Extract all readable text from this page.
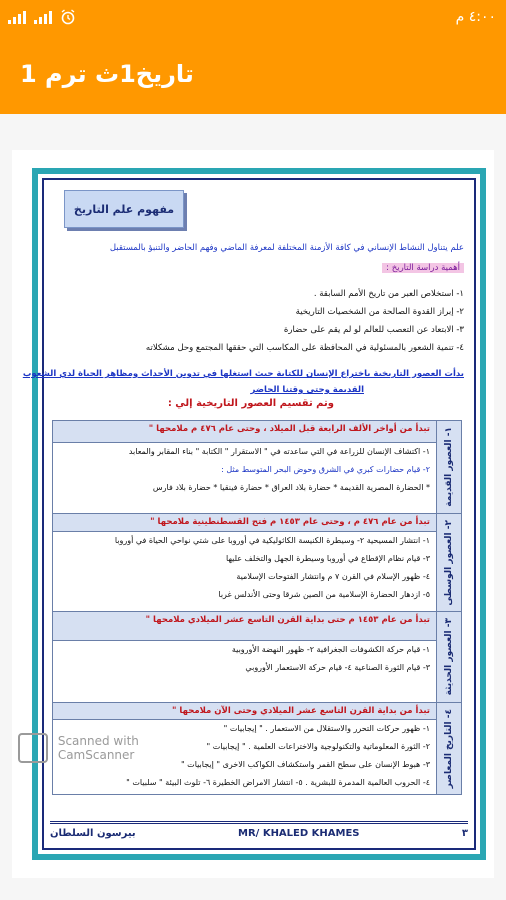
٤:٠٠ م
تاريخ1ث ترم 1
مفهوم علم التاريخ
علم يتناول النشاط الإنساني في كافة الأزمنة المختلفة لمعرفة الماضي وفهم الحاضر والتنبؤ بالمستقبل
أهمية دراسة التاريخ :
١- استخلاص العبر من تاريخ الأمم السابقة .
٢- إبراز القدوة الصالحة من الشخصيات التاريخية
٣- الابتعاد عن التعصب للعالم لو لم يقم على حضارة
٤- تنمية الشعور بالمسئولية في المحافظة على المكاسب التي حققها المجتمع وحل مشكلاته
بدأت العصور التاريخية باختراع الإنسان للكتابة حيث استغلها في تدوين الأحداث ومظاهر الحياة لدي الشعوب
القديمة وحتى وقتنا الحاضر
وتم تقسيم العصور التاريخية إلي :
١- العصور القديمة	تبدأ من أواخر الألف الرابعة قبل الميلاد ، وحتى عام ٤٧٦ م ملامحها "

	١- اكتشاف الإنسان للزراعة في التي ساعدته في " الاستقرار " الكتابة " بناء المقابر والمعابد
٢- قيام حضارات كبري في الشرق وحوض البحر المتوسط مثل :
* الحضارة المصرية القديمة * حضارة بلاد العراق * حضارة فينقيا * حضارة بلاد فارس

٢- العصور الوسطى	تبدأ من عام ٤٧٦ م ، وحتى عام ١٤٥٣ م فتح القسطنطينية ملامحها "

	١- انتشار المسيحية ٢- وسيطرة الكنيسة الكاثوليكية في أوروبا على شتي نواحي الحياة في أوروبا
٣- قيام نظام الإقطاع في أوروبا وسيطرة الجهل والتخلف عليها
٤- ظهور الإسلام في القرن ٧ م وانتشار الفتوحات الإسلامية
٥- ازدهار الحضارة الإسلامية من الصين شرقا وحتى الأندلس غربا

٣- العصور الحديثة	تبدأ من عام ١٤٥٣ م حتى بداية القرن التاسع عشر الميلادي ملامحها "

	١- قيام حركة الكشوفات الجغرافية ٢- ظهور النهضة الأوروبية
٣- قيام الثورة الصناعية ٤- قيام حركة الاستعمار الأوروبي

٤- التاريخ المعاصر	تبدأ من بداية القرن التاسع عشر الميلادي وحتى الآن ملامحها "

	١- ظهور حركات التحرر والاستقلال من الاستعمار . " إيجابيات "
٢- الثورة المعلوماتية والتكنولوجية والاختراعات العلمية . " إيجابيات "
٣- هبوط الإنسان على سطح القمر واستكشاف الكواكب الاخرى " إيجابيات "
٤- الحروب العالمية المدمرة للبشرية . ٥- انتشار الامراض الخطيرة ٦- تلوث البيئة " سلبيات "
٣
MR/ KHALED KHAMES
بيرسون السلطان
Scanned with
CamScanner
